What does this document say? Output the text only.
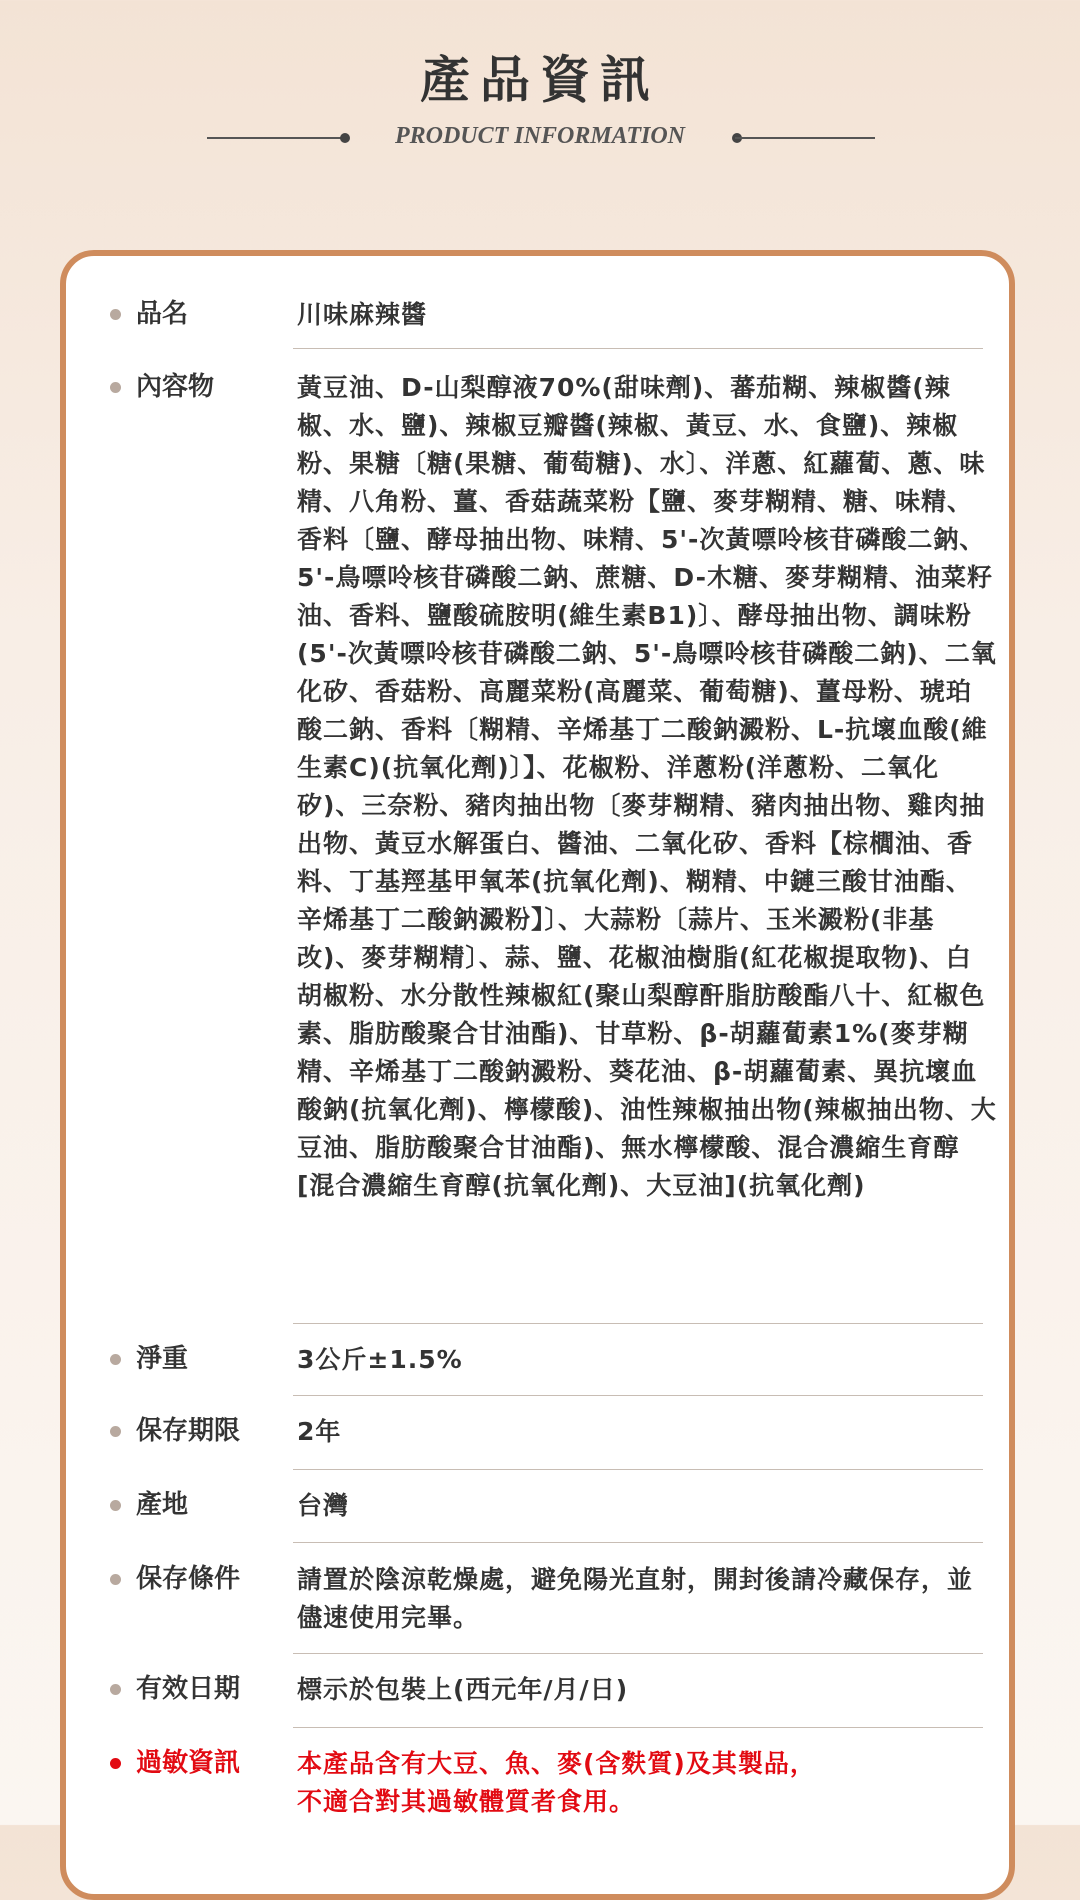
產品資訊
PRODUCT INFORMATION
品名	川味麻辣醬
內容物	黃豆油、D-山梨醇液70%(甜味劑)、蕃茄糊、辣椒醬(辣椒、水、鹽)、辣椒豆瓣醬(辣椒、黃豆、水、食鹽)、辣椒粉、果糖〔糖(果糖、葡萄糖)、水〕、洋蔥、紅蘿蔔、蔥、味精、八角粉、薑、香菇蔬菜粉【鹽、麥芽糊精、糖、味精、香料〔鹽、酵母抽出物、味精、5'-次黃嘌呤核苷磷酸二鈉、5'-鳥嘌呤核苷磷酸二鈉、蔗糖、D-木糖、麥芽糊精、油菜籽油、香料、鹽酸硫胺明(維生素B1)〕、酵母抽出物、調味粉(5'-次黃嘌呤核苷磷酸二鈉、5'-鳥嘌呤核苷磷酸二鈉)、二氧化矽、香菇粉、高麗菜粉(高麗菜、葡萄糖)、薑母粉、琥珀酸二鈉、香料〔糊精、辛烯基丁二酸鈉澱粉、L-抗壞血酸(維生素C)(抗氧化劑)〕】、花椒粉、洋蔥粉(洋蔥粉、二氧化矽)、三奈粉、豬肉抽出物〔麥芽糊精、豬肉抽出物、雞肉抽出物、黃豆水解蛋白、醬油、二氧化矽、香料【棕櫚油、香料、丁基羥基甲氧苯(抗氧化劑)、糊精、中鏈三酸甘油酯、辛烯基丁二酸鈉澱粉】〕、大蒜粉〔蒜片、玉米澱粉(非基改)、麥芽糊精〕、蒜、鹽、花椒油樹脂(紅花椒提取物)、白胡椒粉、水分散性辣椒紅(聚山梨醇酐脂肪酸酯八十、紅椒色素、脂肪酸聚合甘油酯)、甘草粉、β-胡蘿蔔素1%(麥芽糊精、辛烯基丁二酸鈉澱粉、葵花油、β-胡蘿蔔素、異抗壞血酸鈉(抗氧化劑)、檸檬酸)、油性辣椒抽出物(辣椒抽出物、大豆油、脂肪酸聚合甘油酯)、無水檸檬酸、混合濃縮生育醇[混合濃縮生育醇(抗氧化劑)、大豆油](抗氧化劑)
淨重	3公斤±1.5%
保存期限 2年
產地	台灣
保存條件 請置於陰涼乾燥處，避免陽光直射，開封後請冷藏保存，並儘速使用完畢。
有效日期 標示於包裝上(西元年/月/日)
過敏資訊 本產品含有大豆、魚、麥(含麩質)及其製品，不適合對其過敏體質者食用。
